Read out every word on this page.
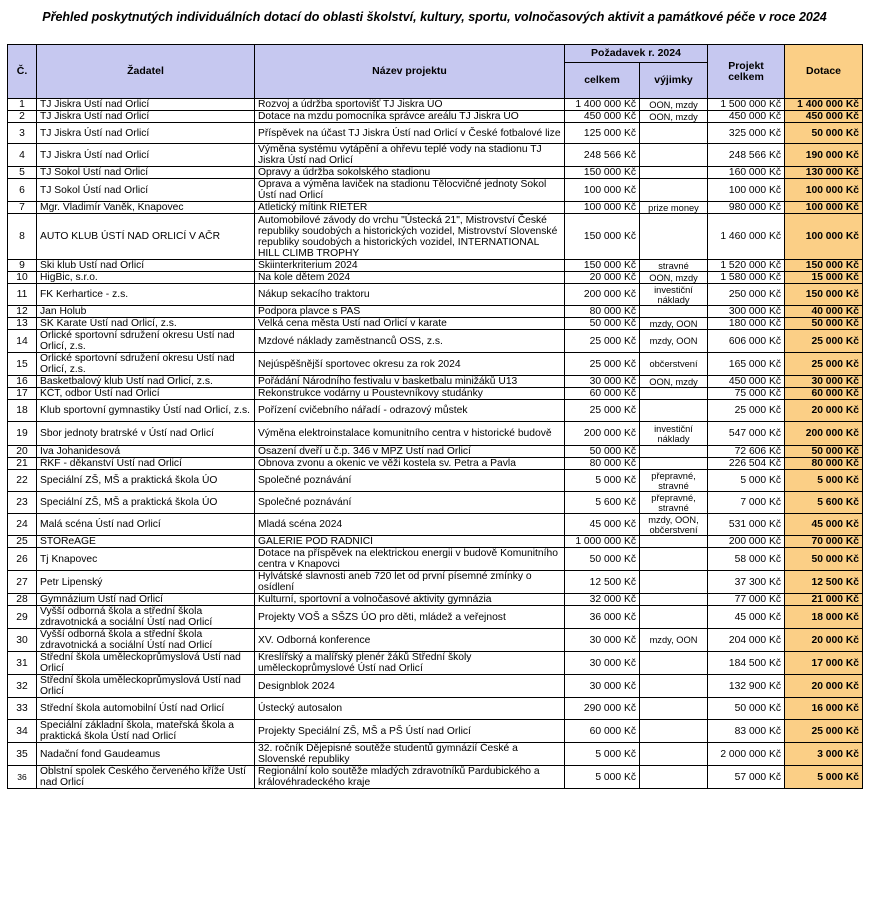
Přehled poskytnutých individuálních dotací do oblasti školství, kultury, sportu, volnočasových aktivit a památkové péče v roce 2024
Č.	Žadatel	Název projektu	Požadavek r. 2024		Projekt celkem	Dotace
			celkem	výjimky		
1	TJ Jiskra Ústí nad Orlicí	Rozvoj a údržba sportovišť TJ Jiskra ÚO	1 400 000 Kč	OON, mzdy	1 500 000 Kč	1 400 000 Kč
2	TJ Jiskra Ústí nad Orlicí	Dotace na mzdu pomocníka správce areálu TJ Jiskra ÚO	450 000 Kč	OON, mzdy	450 000 Kč	450 000 Kč
3	TJ Jiskra Ústí nad Orlicí	Příspěvek na účast TJ Jiskra Ústí nad Orlicí v České fotbalové lize	125 000 Kč		325 000 Kč	50 000 Kč
4	TJ Jiskra Ústí nad Orlicí	Výměna systému vytápění a ohřevu teplé vody na stadionu TJ Jiskra Ústí nad Orlicí	248 566 Kč		248 566 Kč	190 000 Kč
5	TJ Sokol Ústí nad Orlicí	Opravy a údržba sokolského stadionu	150 000 Kč		160 000 Kč	130 000 Kč
6	TJ Sokol Ústí nad Orlicí	Oprava a výměna laviček na stadionu Tělocvičné jednoty Sokol Ústí nad Orlicí	100 000 Kč		100 000 Kč	100 000 Kč
7	Mgr. Vladimír Vaněk, Knapovec	Atletický mítink RIETER	100 000 Kč	prize money	980 000 Kč	100 000 Kč
8	AUTO KLUB ÚSTÍ NAD ORLICÍ V AČR	Automobilové závody do vrchu "Ústecká 21", Mistrovství České republiky soudobých a historických vozidel, Mistrovství Slovenské republiky soudobých a historických vozidel, INTERNATIONAL HILL CLIMB TROPHY	150 000 Kč		1 460 000 Kč	100 000 Kč
9	Ski klub Ústí nad Orlicí	Skiinterkriterium 2024	150 000 Kč	stravné	1 520 000 Kč	150 000 Kč
10	HigBic, s.r.o.	Na kole dětem 2024	20 000 Kč	OON, mzdy	1 580 000 Kč	15 000 Kč
11	FK Kerhartice - z.s.	Nákup sekacího traktoru	200 000 Kč	investiční náklady	250 000 Kč	150 000 Kč
12	Jan Holub	Podpora plavce s PAS	80 000 Kč		300 000 Kč	40 000 Kč
13	SK Karate Ústí nad Orlicí, z.s.	Velká cena města Ústí nad Orlicí v karate	50 000 Kč	mzdy, OON	180 000 Kč	50 000 Kč
14	Orlické sportovní sdružení okresu Ústí nad Orlicí, z.s.	Mzdové náklady zaměstnanců OSS, z.s.	25 000 Kč	mzdy, OON	606 000 Kč	25 000 Kč
15	Orlické sportovní sdružení okresu Ústí nad Orlicí, z.s.	Nejúspěšnější sportovec okresu za rok 2024	25 000 Kč	občerstvení	165 000 Kč	25 000 Kč
16	Basketbalový klub Ústí nad Orlicí, z.s.	Pořádání Národního festivalu v basketbalu minižáků U13	30 000 Kč	OON, mzdy	450 000 Kč	30 000 Kč
17	KČT, odbor Ústí nad Orlicí	Rekonstrukce vodárny u Poustevníkovy studánky	60 000 Kč		75 000 Kč	60 000 Kč
18	Klub sportovní gymnastiky Ústí nad Orlicí, z.s.	Pořízení cvičebního nářadí - odrazový můstek	25 000 Kč		25 000 Kč	20 000 Kč
19	Sbor jednoty bratrské v Ústí nad Orlicí	Výměna elektroinstalace komunitního centra v historické budově	200 000 Kč	investiční náklady	547 000 Kč	200 000 Kč
20	Iva Johanidesová	Osazení dveří u č.p. 346 v MPZ Ústí nad Orlicí	50 000 Kč		72 606 Kč	50 000 Kč
21	ŘKF - děkanství Ústí nad Orlicí	Obnova zvonu a okenic ve věži kostela sv. Petra a Pavla	80 000 Kč		226 504 Kč	80 000 Kč
22	Speciální ZŠ, MŠ a praktická škola ÚO	Společné poznávání	5 000 Kč	přepravné, stravné	5 000 Kč	5 000 Kč
23	Speciální ZŠ, MŠ a praktická škola ÚO	Společné poznávání	5 600 Kč	přepravné, stravné	7 000 Kč	5 600 Kč
24	Malá scéna Ústí nad Orlicí	Mladá scéna 2024	45 000 Kč	mzdy, OON, občerstvení	531 000 Kč	45 000 Kč
25	STOReAGE	GALERIE POD RADNICÍ	1 000 000 Kč		200 000 Kč	70 000 Kč
26	Tj Knapovec	Dotace na příspěvek na elektrickou energii v budově Komunitního centra v Knapovci	50 000 Kč		58 000 Kč	50 000 Kč
27	Petr Lipenský	Hylvátské slavnosti aneb 720 let od první písemné zmínky o osídlení	12 500 Kč		37 300 Kč	12 500 Kč
28	Gymnázium Ústí nad Orlicí	Kulturní, sportovní a volnočasové aktivity gymnázia	32 000 Kč		77 000 Kč	21 000 Kč
29	Vyšší odborná škola a střední škola zdravotnická a sociální Ústí nad Orlicí	Projekty VOŠ a SŠZS ÚO pro děti, mládež a veřejnost	36 000 Kč		45 000 Kč	18 000 Kč
30	Vyšší odborná škola a střední škola zdravotnická a sociální Ústí nad Orlicí	XV. Odborná konference	30 000 Kč	mzdy, OON	204 000 Kč	20 000 Kč
31	Střední škola uměleckoprůmyslová Ústí nad Orlicí	Kreslířský a malířský plenér žáků Střední školy uměleckoprůmyslové Ústí nad Orlicí	30 000 Kč		184 500 Kč	17 000 Kč
32	Střední škola uměleckoprůmyslová Ústí nad Orlicí	Designblok 2024	30 000 Kč		132 900 Kč	20 000 Kč
33	Střední škola automobilní Ústí nad Orlicí	Ústecký autosalon	290 000 Kč		50 000 Kč	16 000 Kč
34	Speciální základní škola, mateřská škola a praktická škola Ústí nad Orlicí	Projekty Speciální ZŠ, MŠ a PŠ Ústí nad Orlicí	60 000 Kč		83 000 Kč	25 000 Kč
35	Nadační fond Gaudeamus	32. ročník Dějepisné soutěže studentů gymnázií České a Slovenské republiky	5 000 Kč		2 000 000 Kč	3 000 Kč
36	Oblstní spolek Českého červeného kříže Ústí nad Orlicí	Regionální kolo soutěže mladých zdravotníků Pardubického a královéhradeckého kraje	5 000 Kč		57 000 Kč	5 000 Kč
